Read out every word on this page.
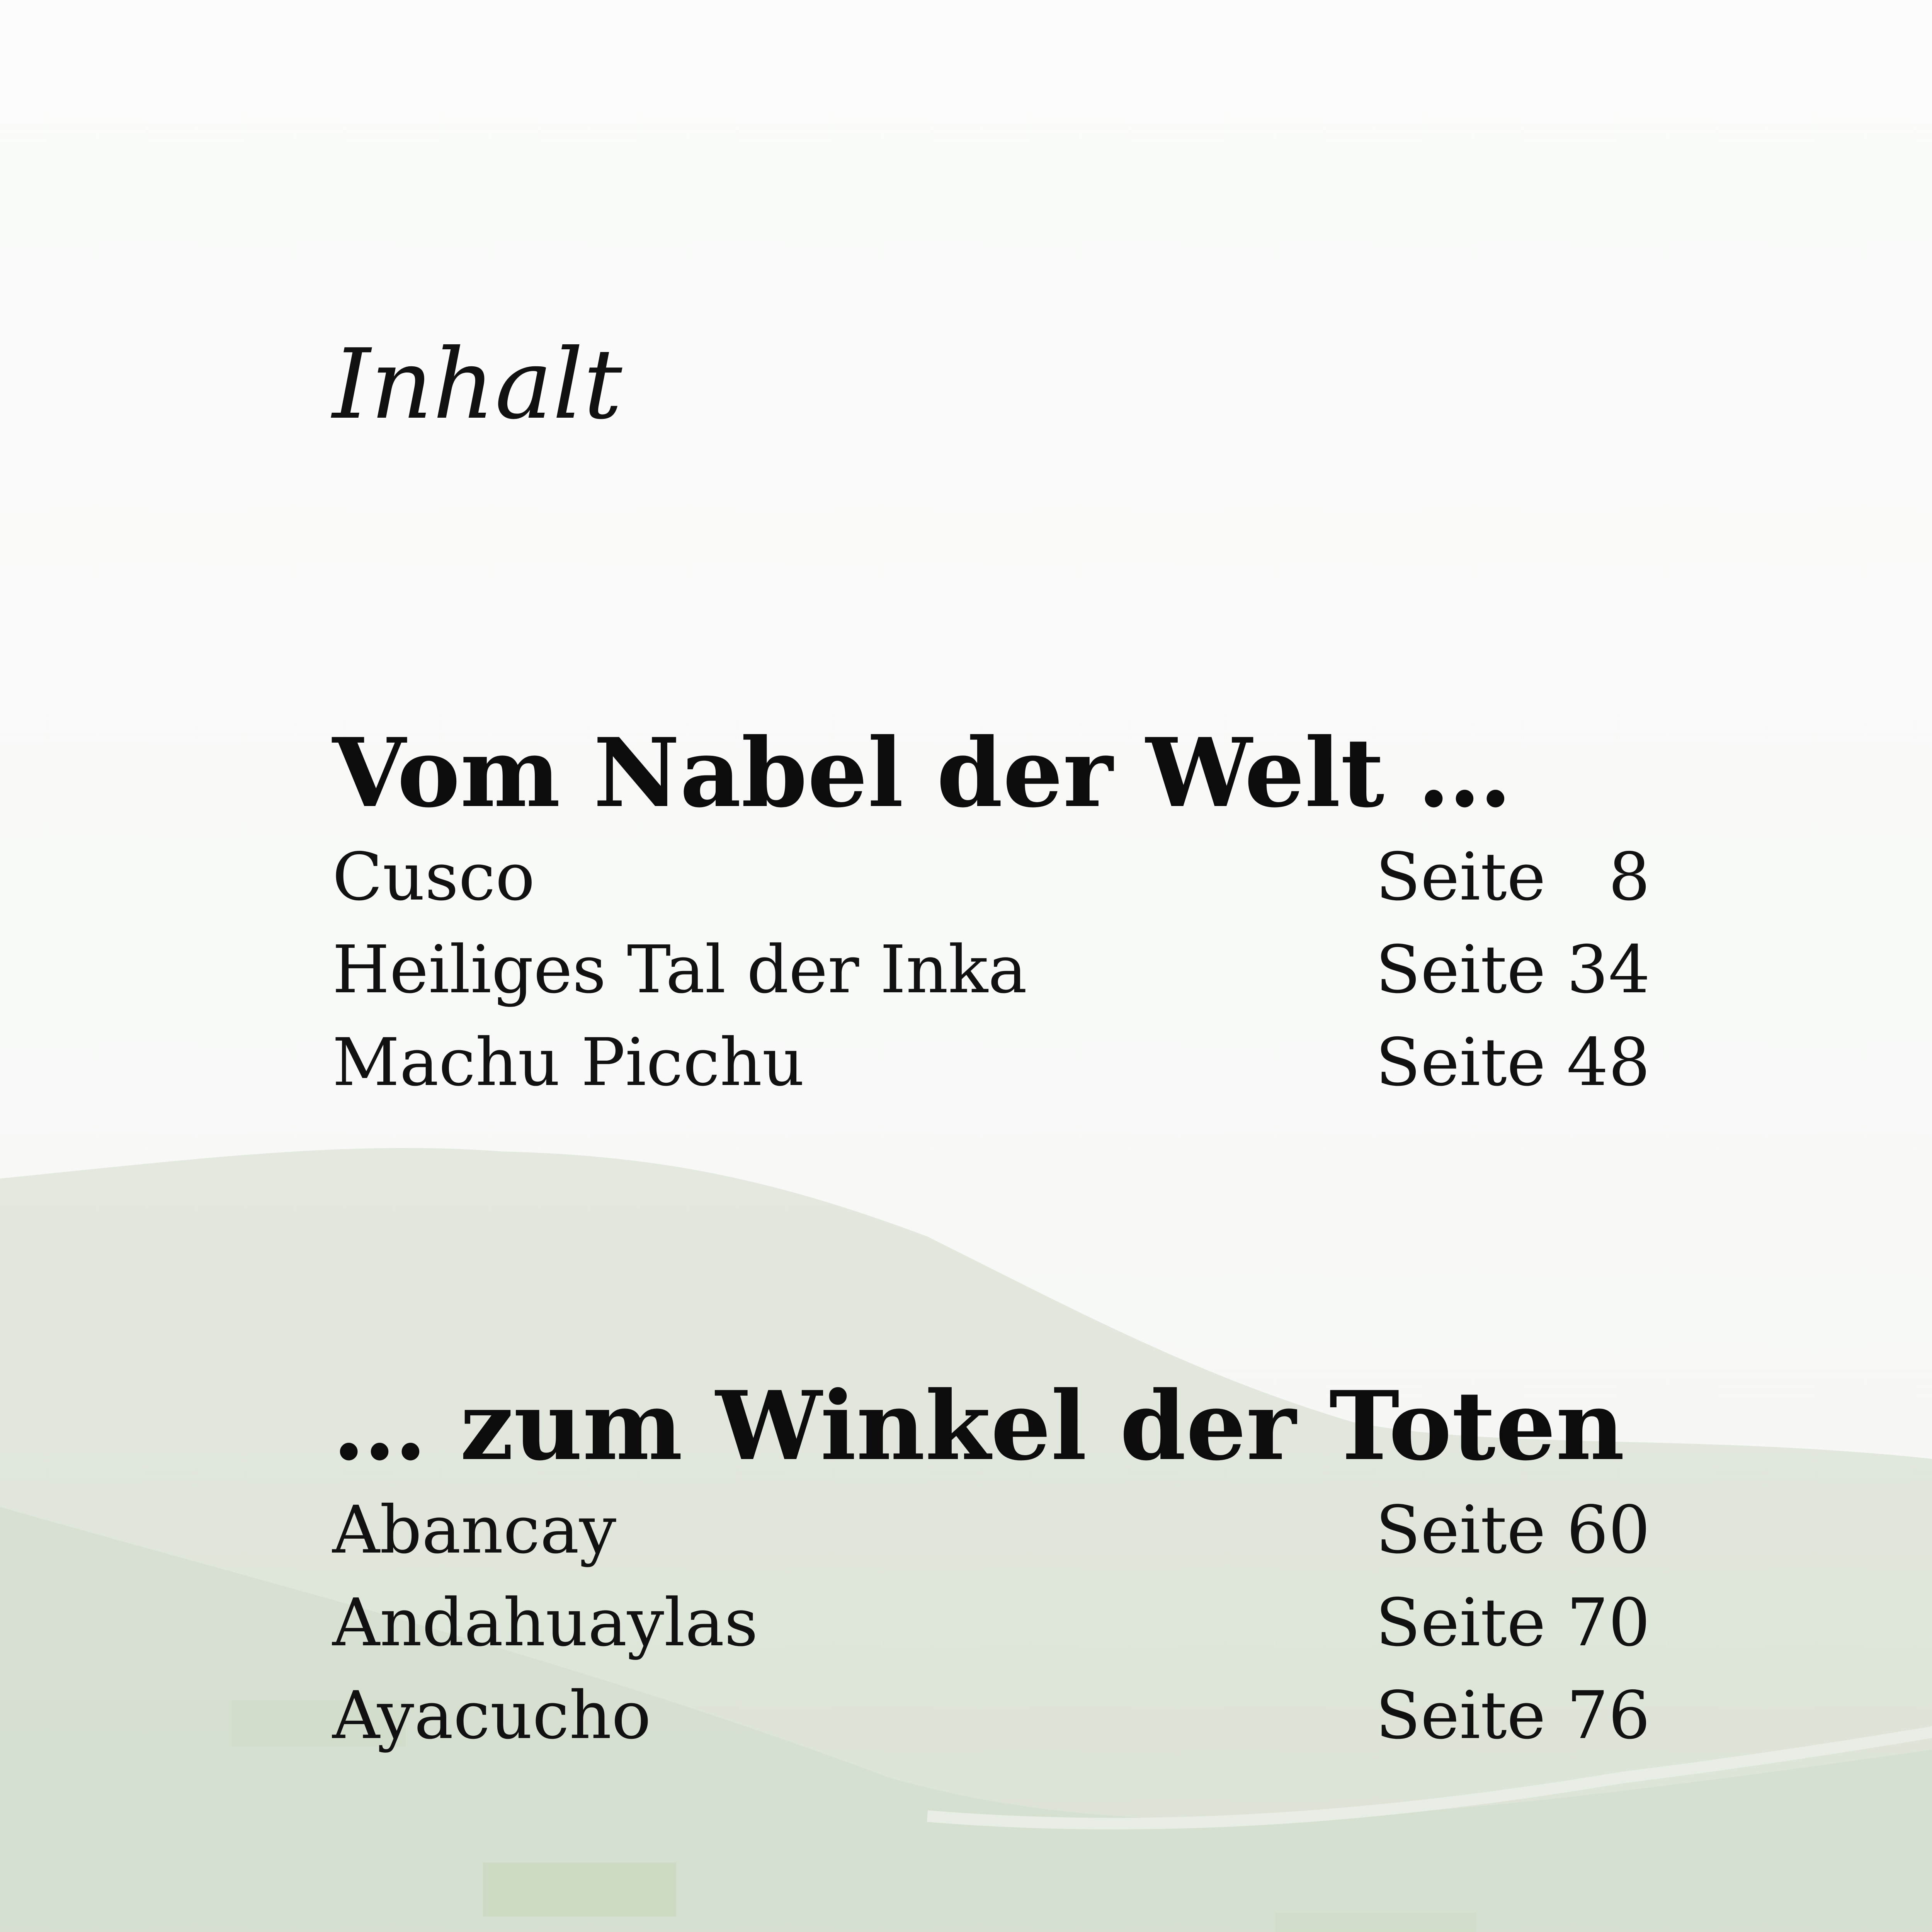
Inhalt
Vom Nabel der Welt …
Cusco	Seite   8
Heiliges Tal der Inka	Seite 34
Machu Picchu	Seite 48
… zum Winkel der Toten
Abancay	Seite 60
Andahuaylas	Seite 70
Ayacucho	Seite 76
